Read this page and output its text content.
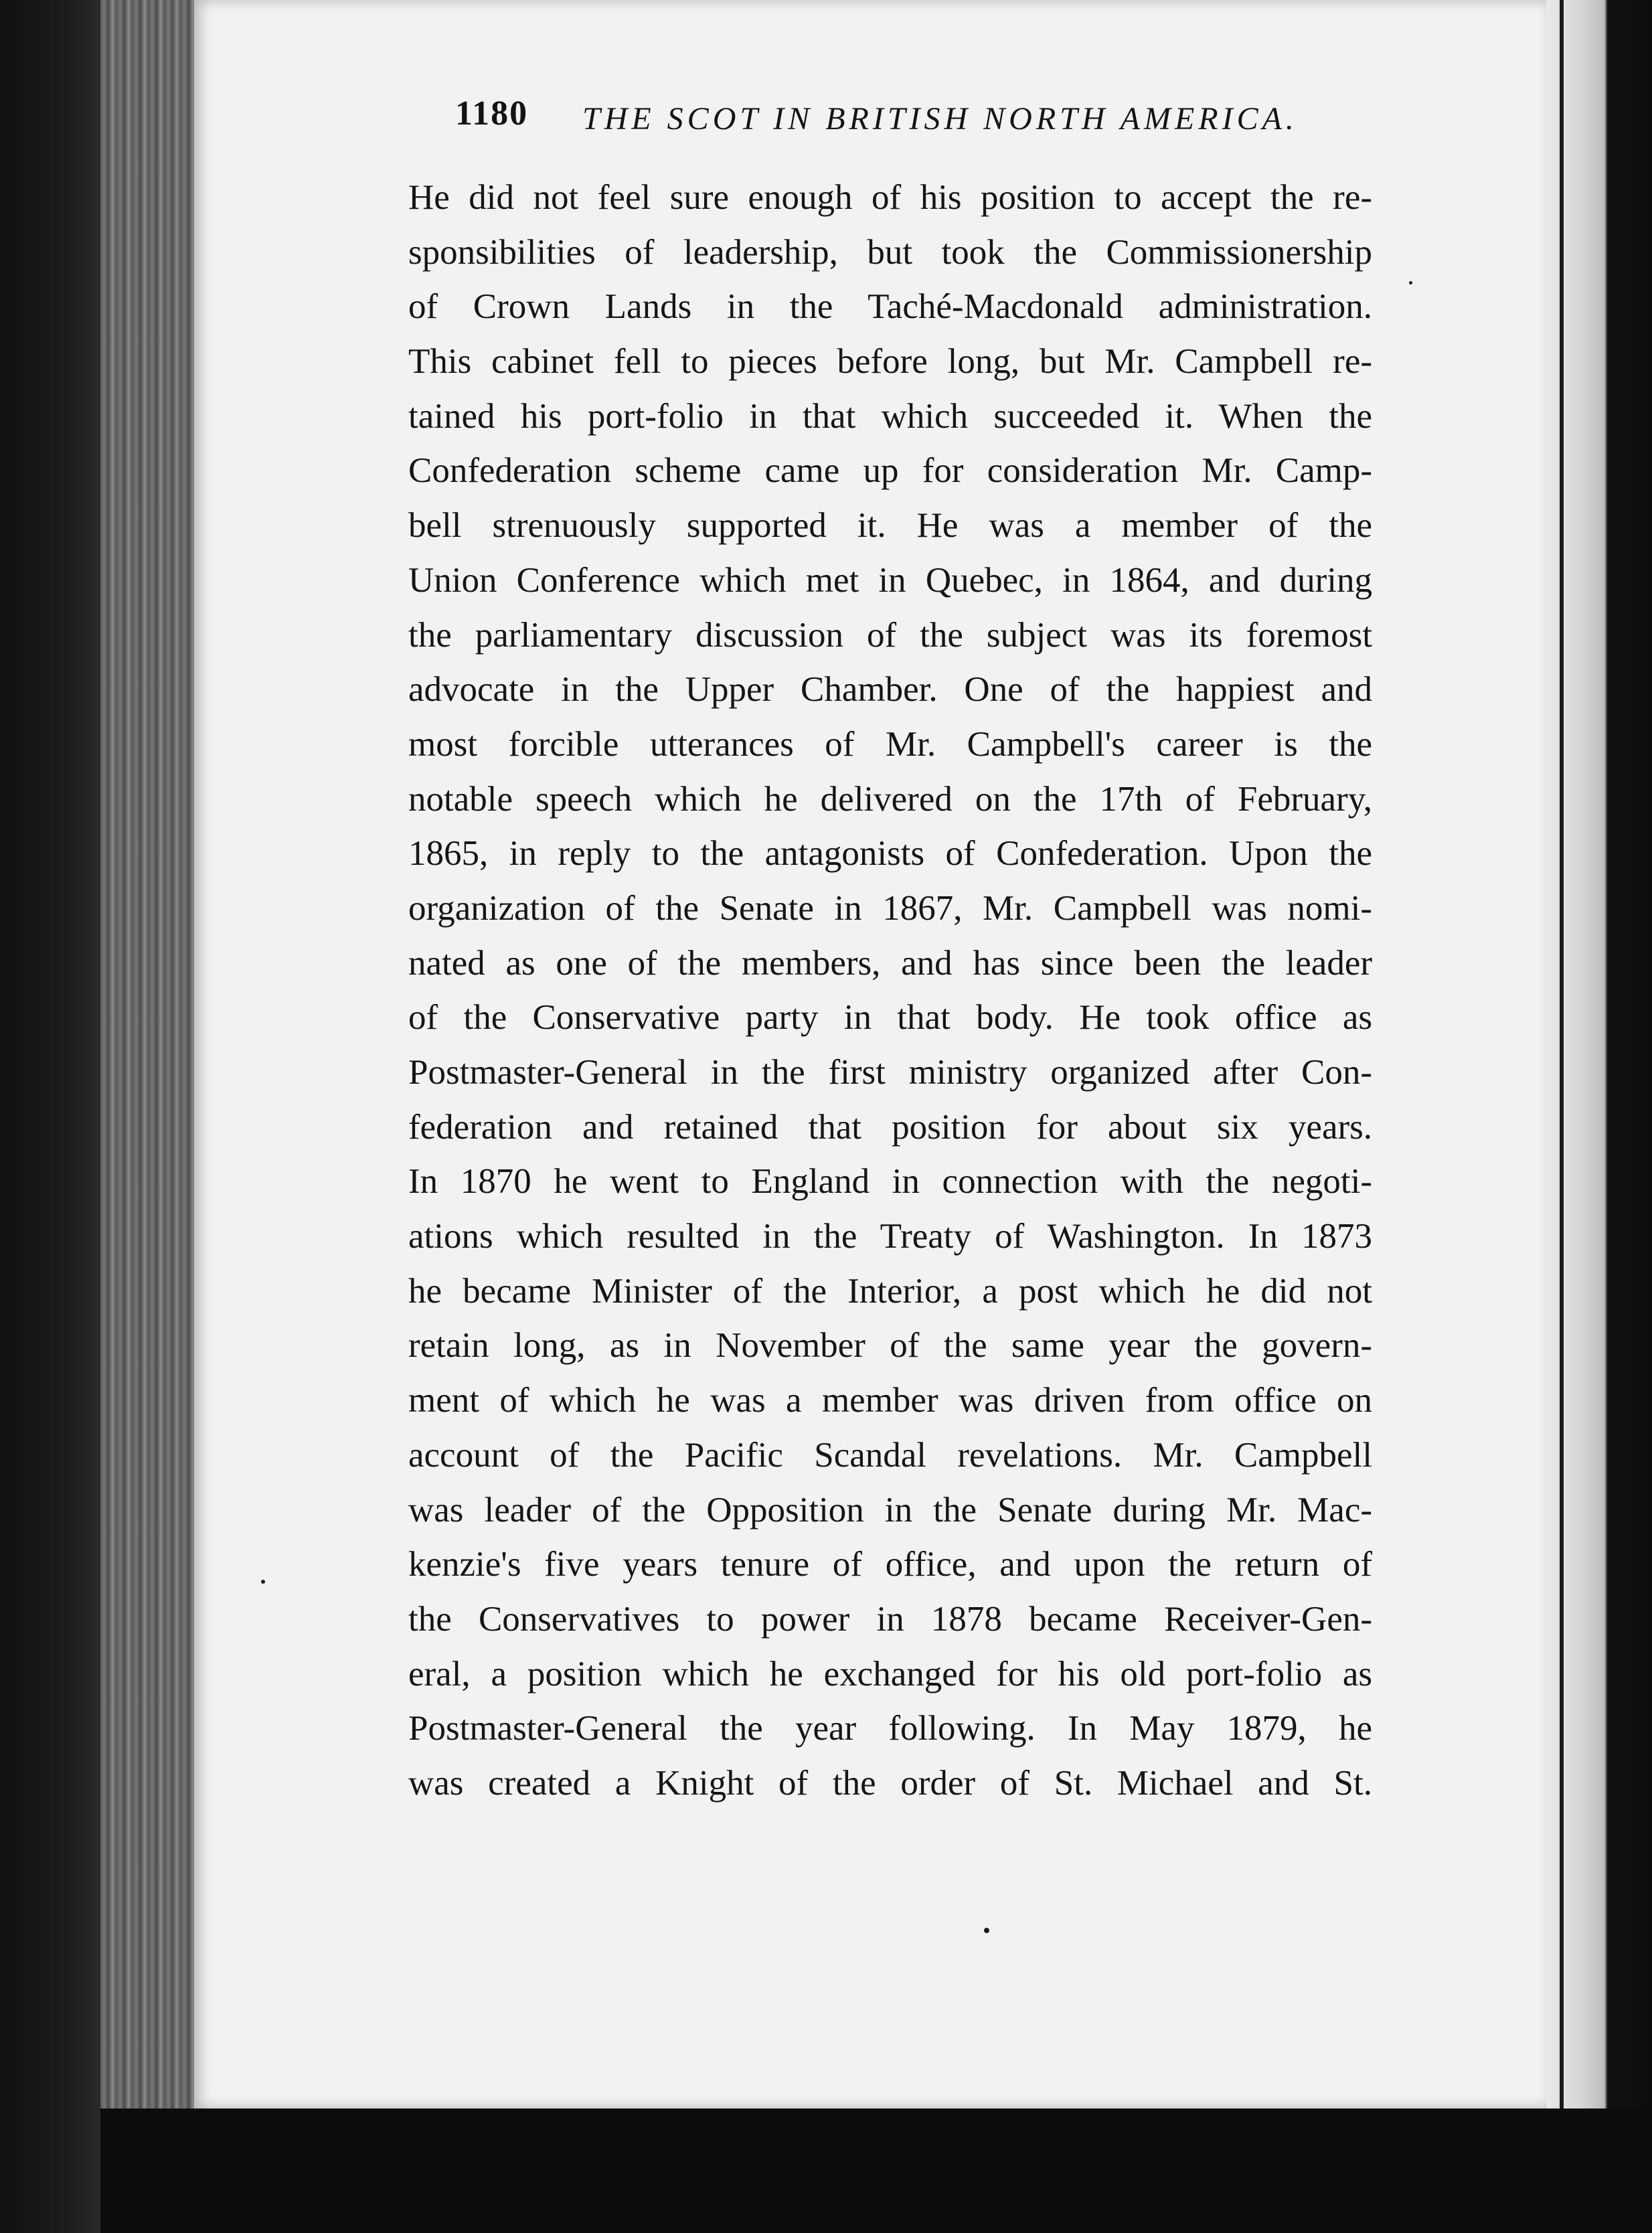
1180 THE SCOT IN BRITISH NORTH AMERICA.
He did not feel sure enough of his position to accept the re-
sponsibilities of leadership, but took the Commissionership
of Crown Lands in the Taché-Macdonald administration.
This cabinet fell to pieces before long, but Mr. Campbell re-
tained his port-folio in that which succeeded it. When the
Confederation scheme came up for consideration Mr. Camp-
bell strenuously supported it. He was a member of the
Union Conference which met in Quebec, in 1864, and during
the parliamentary discussion of the subject was its foremost
advocate in the Upper Chamber. One of the happiest and
most forcible utterances of Mr. Campbell's career is the
notable speech which he delivered on the 17th of February,
1865, in reply to the antagonists of Confederation. Upon the
organization of the Senate in 1867, Mr. Campbell was nomi-
nated as one of the members, and has since been the leader
of the Conservative party in that body. He took office as
Postmaster-General in the first ministry organized after Con-
federation and retained that position for about six years.
In 1870 he went to England in connection with the negoti-
ations which resulted in the Treaty of Washington. In 1873
he became Minister of the Interior, a post which he did not
retain long, as in November of the same year the govern-
ment of which he was a member was driven from office on
account of the Pacific Scandal revelations. Mr. Campbell
was leader of the Opposition in the Senate during Mr. Mac-
kenzie's five years tenure of office, and upon the return of
the Conservatives to power in 1878 became Receiver-Gen-
eral, a position which he exchanged for his old port-folio as
Postmaster-General the year following. In May 1879, he
was created a Knight of the order of St. Michael and St.
